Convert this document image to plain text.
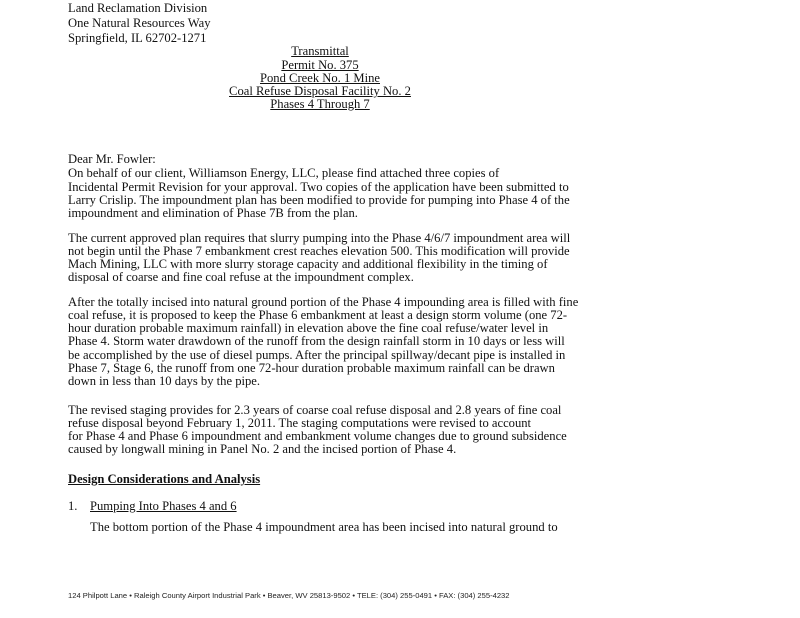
Land Reclamation Division
One Natural Resources Way
Springfield, IL 62702-1271
Transmittal
Permit No. 375
Pond Creek No. 1 Mine
Coal Refuse Disposal Facility No. 2
Phases 4 Through 7
Dear Mr. Fowler:
On behalf of our client, Williamson Energy, LLC, please find attached three copies of
Incidental Permit Revision for your approval. Two copies of the application have been submitted to
Larry Crislip. The impoundment plan has been modified to provide for pumping into Phase 4 of the
impoundment and elimination of Phase 7B from the plan.
The current approved plan requires that slurry pumping into the Phase 4/6/7 impoundment area will
not begin until the Phase 7 embankment crest reaches elevation 500. This modification will provide
Mach Mining, LLC with more slurry storage capacity and additional flexibility in the timing of
disposal of coarse and fine coal refuse at the impoundment complex.
After the totally incised into natural ground portion of the Phase 4 impounding area is filled with fine
coal refuse, it is proposed to keep the Phase 6 embankment at least a design storm volume (one 72-
hour duration probable maximum rainfall) in elevation above the fine coal refuse/water level in
Phase 4. Storm water drawdown of the runoff from the design rainfall storm in 10 days or less will
be accomplished by the use of diesel pumps. After the principal spillway/decant pipe is installed in
Phase 7, Stage 6, the runoff from one 72-hour duration probable maximum rainfall can be drawn
down in less than 10 days by the pipe.
The revised staging provides for 2.3 years of coarse coal refuse disposal and 2.8 years of fine coal
refuse disposal beyond February 1, 2011. The staging computations were revised to account
for Phase 4 and Phase 6 impoundment and embankment volume changes due to ground subsidence
caused by longwall mining in Panel No. 2 and the incised portion of Phase 4.
Design Considerations and Analysis
1. Pumping Into Phases 4 and 6
The bottom portion of the Phase 4 impoundment area has been incised into natural ground to
124 Philpott Lane • Raleigh County Airport Industrial Park • Beaver, WV 25813-9502 • TELE: (304) 255-0491 • FAX: (304) 255-4232
